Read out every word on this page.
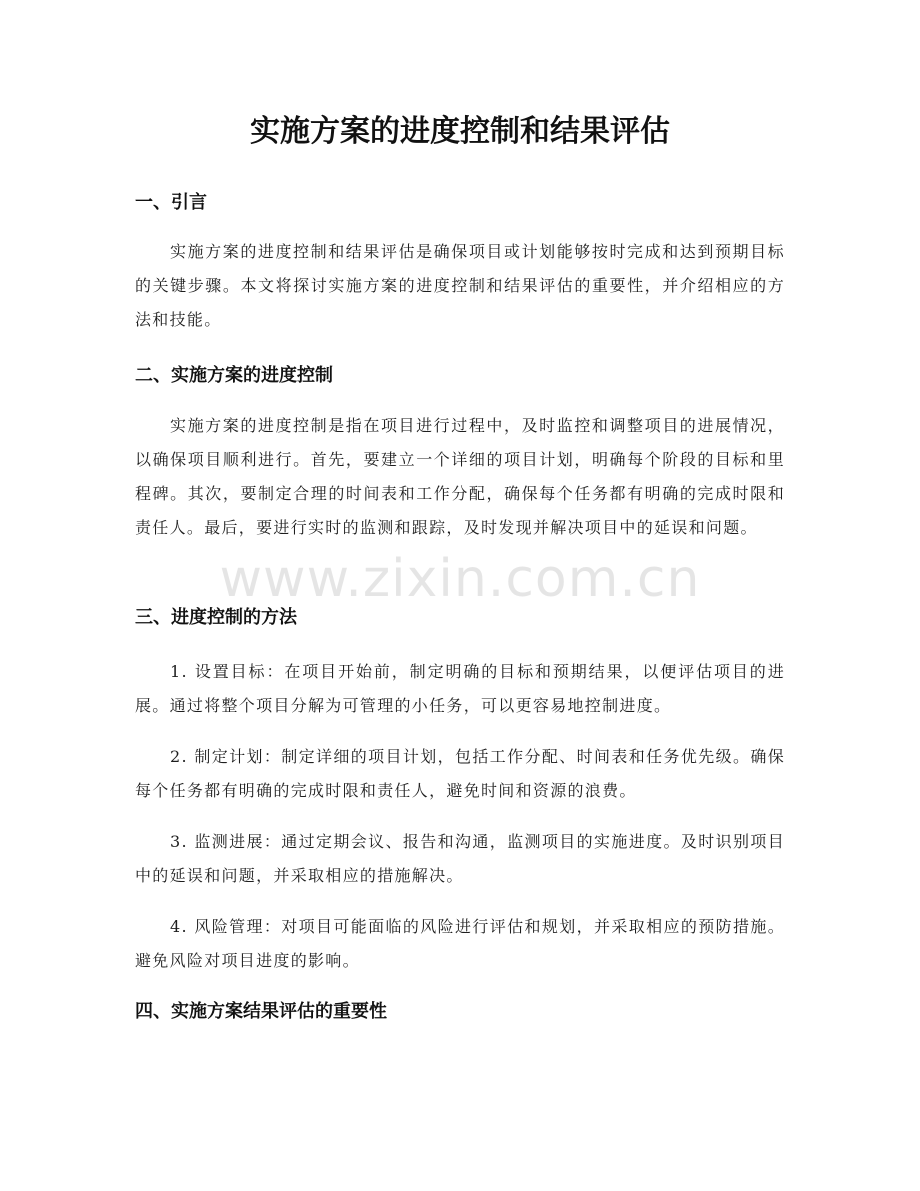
实施方案的进度控制和结果评估
一、引言

实施方案的进度控制和结果评估是确保项目或计划能够按时完成和达到预期目标的关键步骤。本文将探讨实施方案的进度控制和结果评估的重要性，并介绍相应的方法和技能。

二、实施方案的进度控制

实施方案的进度控制是指在项目进行过程中，及时监控和调整项目的进展情况，以确保项目顺利进行。首先，要建立一个详细的项目计划，明确每个阶段的目标和里程碑。其次，要制定合理的时间表和工作分配，确保每个任务都有明确的完成时限和责任人。最后，要进行实时的监测和跟踪，及时发现并解决项目中的延误和问题。

三、进度控制的方法

1. 设置目标：在项目开始前，制定明确的目标和预期结果，以便评估项目的进展。通过将整个项目分解为可管理的小任务，可以更容易地控制进度。

2. 制定计划：制定详细的项目计划，包括工作分配、时间表和任务优先级。确保每个任务都有明确的完成时限和责任人，避免时间和资源的浪费。

3. 监测进展：通过定期会议、报告和沟通，监测项目的实施进度。及时识别项目中的延误和问题，并采取相应的措施解决。

4. 风险管理：对项目可能面临的风险进行评估和规划，并采取相应的预防措施。避免风险对项目进度的影响。

四、实施方案结果评估的重要性
www.zixin.com.cn
